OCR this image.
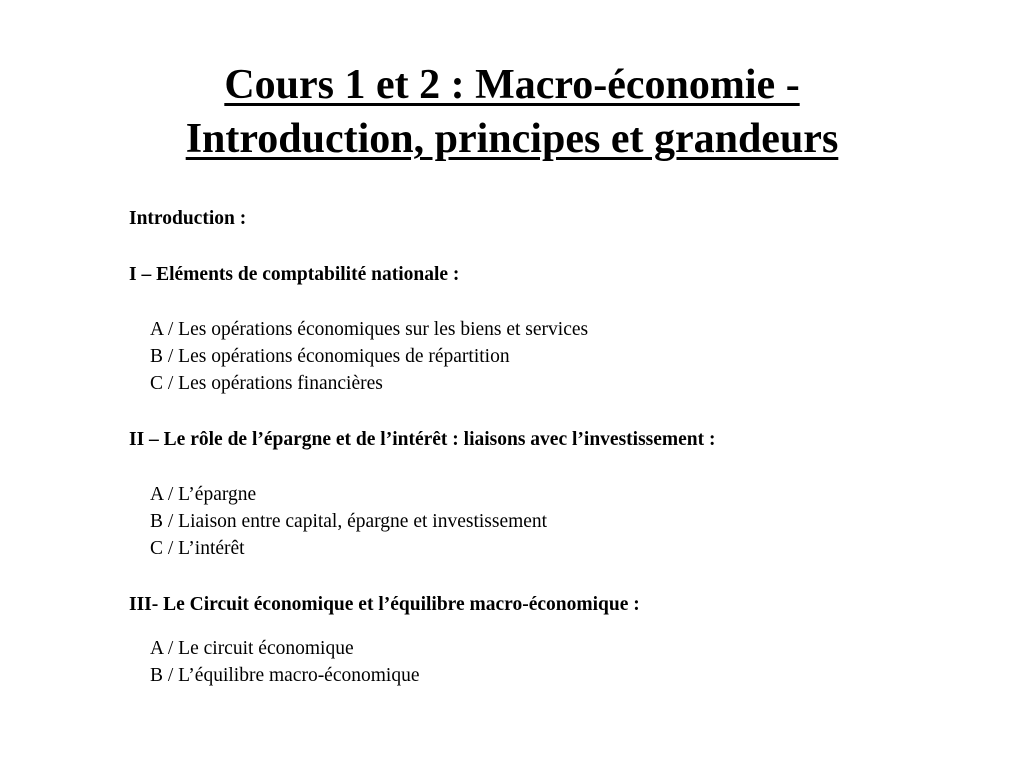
Cours 1 et 2 : Macro-économie -
Introduction, principes et grandeurs
Introduction :
I – Eléments de comptabilité nationale :
A / Les opérations économiques sur les biens et services
B / Les opérations économiques de répartition
C / Les opérations financières
II – Le rôle de l’épargne et de l’intérêt : liaisons avec l’investissement :
A / L’épargne
B / Liaison entre capital, épargne et investissement
C / L’intérêt
III- Le Circuit économique et l’équilibre macro-économique :
A / Le circuit économique
B / L’équilibre macro-économique
